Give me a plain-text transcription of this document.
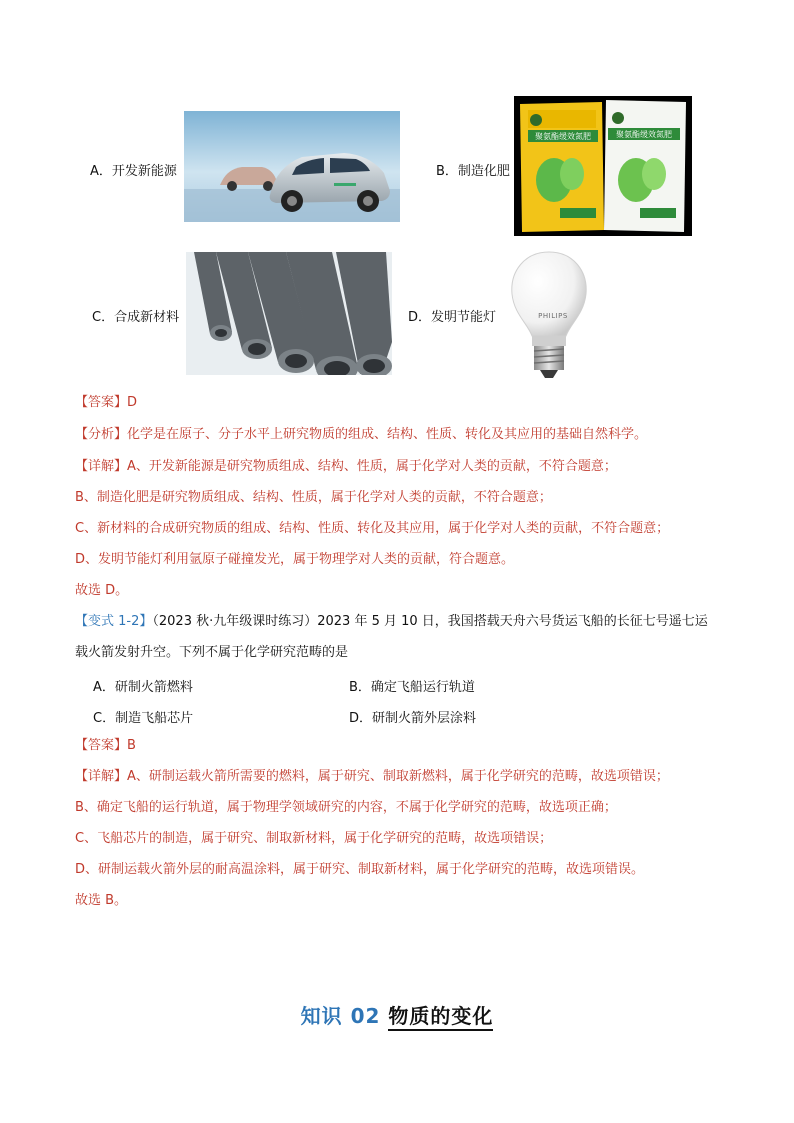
A．开发新能源	B．制造化肥
聚氨酯缓效氮肥	聚氨酯缓效氮肥
C．合成新材料	D．发明节能灯	PHILIPS
【答案】D
【分析】化学是在原子、分子水平上研究物质的组成、结构、性质、转化及其应用的基础自然科学。
【详解】A、开发新能源是研究物质组成、结构、性质，属于化学对人类的贡献，不符合题意；
B、制造化肥是研究物质组成、结构、性质，属于化学对人类的贡献，不符合题意；
C、新材料的合成研究物质的组成、结构、性质、转化及其应用，属于化学对人类的贡献，不符合题意；
D、发明节能灯利用氩原子碰撞发光，属于物理学对人类的贡献，符合题意。
故选 D。
【变式 1-2】（2023 秋·九年级课时练习）2023 年 5 月 10 日，我国搭载天舟六号货运飞船的长征七号遥七运
载火箭发射升空。下列不属于化学研究范畴的是
A．研制火箭燃料	B．确定飞船运行轨道
C．制造飞船芯片	D．研制火箭外层涂料
【答案】B
【详解】A、研制运载火箭所需要的燃料，属于研究、制取新燃料，属于化学研究的范畴，故选项错误；
B、确定飞船的运行轨道，属于物理学领域研究的内容，不属于化学研究的范畴，故选项正确；
C、飞船芯片的制造，属于研究、制取新材料，属于化学研究的范畴，故选项错误；
D、研制运载火箭外层的耐高温涂料，属于研究、制取新材料，属于化学研究的范畴，故选项错误。
故选 B。
知识 02 物质的变化
